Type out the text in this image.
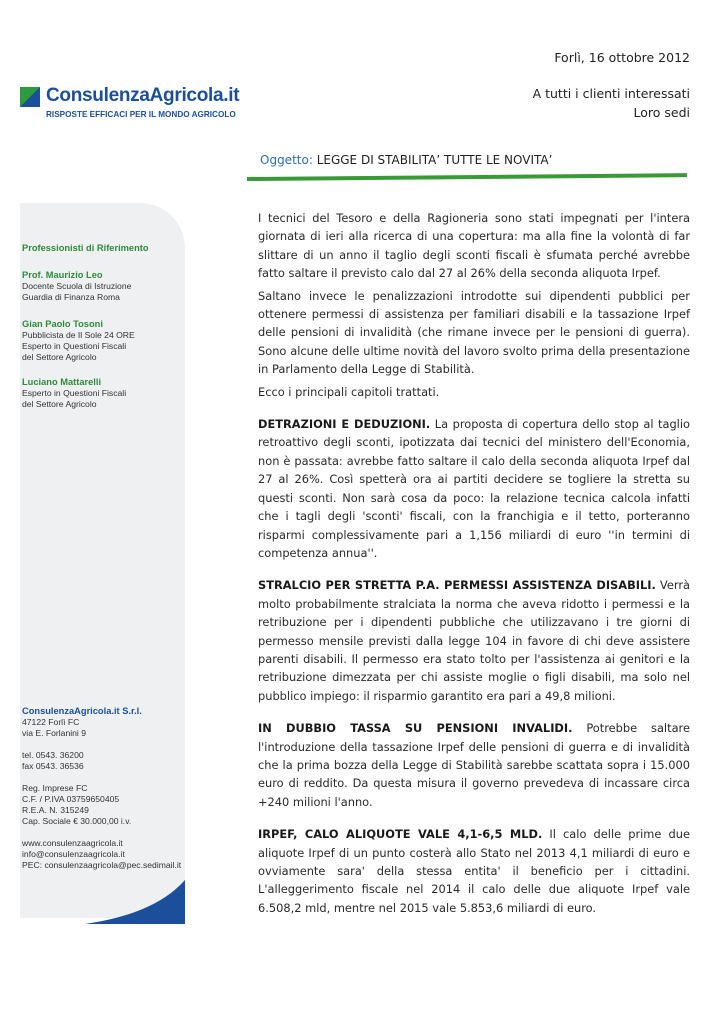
ConsulenzaAgricola.it
RISPOSTE EFFICACI PER IL MONDO AGRICOLO
Forlì, 16 ottobre 2012
A tutti i clienti interessati
Loro sedi
Oggetto: LEGGE DI STABILITA’ TUTTE LE NOVITA’
Professionisti di Riferimento
Prof. Maurizio Leo
Docente Scuola di Istruzione
Guardia di Finanza Roma
Gian Paolo Tosoni
Pubblicista de Il Sole 24 ORE
Esperto in Questioni Fiscali
del Settore Agricolo
Luciano Mattarelli
Esperto in Questioni Fiscali
del Settore Agricolo
ConsulenzaAgricola.it S.r.l.
47122 Forlì FC
via E. Forlanini 9
tel. 0543. 36200
fax 0543. 36536
Reg. Imprese FC
C.F. / P.IVA 03759650405
R.E.A. N. 315249
Cap. Sociale € 30.000,00 i.v.
www.consulenzaagricola.it
info@consulenzaagricola.it
PEC: consulenzaagricola@pec.sedimail.it

I tecnici del Tesoro e della Ragioneria sono stati impegnati per l'intera giornata di ieri alla ricerca di una copertura: ma alla fine la volontà di far slittare di un anno il taglio degli sconti fiscali è sfumata perché avrebbe fatto saltare il previsto calo dal 27 al 26% della seconda aliquota Irpef.

Saltano invece le penalizzazioni introdotte sui dipendenti pubblici per ottenere permessi di assistenza per familiari disabili e la tassazione Irpef delle pensioni di invalidità (che rimane invece per le pensioni di guerra). Sono alcune delle ultime novità del lavoro svolto prima della presentazione in Parlamento della Legge di Stabilità.

Ecco i principali capitoli trattati.

DETRAZIONI E DEDUZIONI. La proposta di copertura dello stop al taglio retroattivo degli sconti, ipotizzata dai tecnici del ministero dell'Economia, non è passata: avrebbe fatto saltare il calo della seconda aliquota Irpef dal 27 al 26%. Così spetterà ora ai partiti decidere se togliere la stretta su questi sconti. Non sarà cosa da poco: la relazione tecnica calcola infatti che i tagli degli 'sconti' fiscali, con la franchigia e il tetto, porteranno risparmi complessivamente pari a 1,156 miliardi di euro ''in termini di competenza annua''.

STRALCIO PER STRETTA P.A. PERMESSI ASSISTENZA DISABILI. Verrà molto probabilmente stralciata la norma che aveva ridotto i permessi e la retribuzione per i dipendenti pubbliche che utilizzavano i tre giorni di permesso mensile previsti dalla legge 104 in favore di chi deve assistere parenti disabili. Il permesso era stato tolto per l'assistenza ai genitori e la retribuzione dimezzata per chi assiste moglie o figli disabili, ma solo nel pubblico impiego: il risparmio garantito era pari a 49,8 milioni.

IN DUBBIO TASSA SU PENSIONI INVALIDI. Potrebbe saltare l'introduzione della tassazione Irpef delle pensioni di guerra e di invalidità che la prima bozza della Legge di Stabilità sarebbe scattata sopra i 15.000 euro di reddito. Da questa misura il governo prevedeva di incassare circa +240 milioni l'anno.

IRPEF, CALO ALIQUOTE VALE 4,1-6,5 MLD. Il calo delle prime due aliquote Irpef di un punto costerà allo Stato nel 2013 4,1 miliardi di euro e ovviamente sara' della stessa entita' il beneficio per i cittadini. L'alleggerimento fiscale nel 2014 il calo delle due aliquote Irpef vale 6.508,2 mld, mentre nel 2015 vale 5.853,6 miliardi di euro.
